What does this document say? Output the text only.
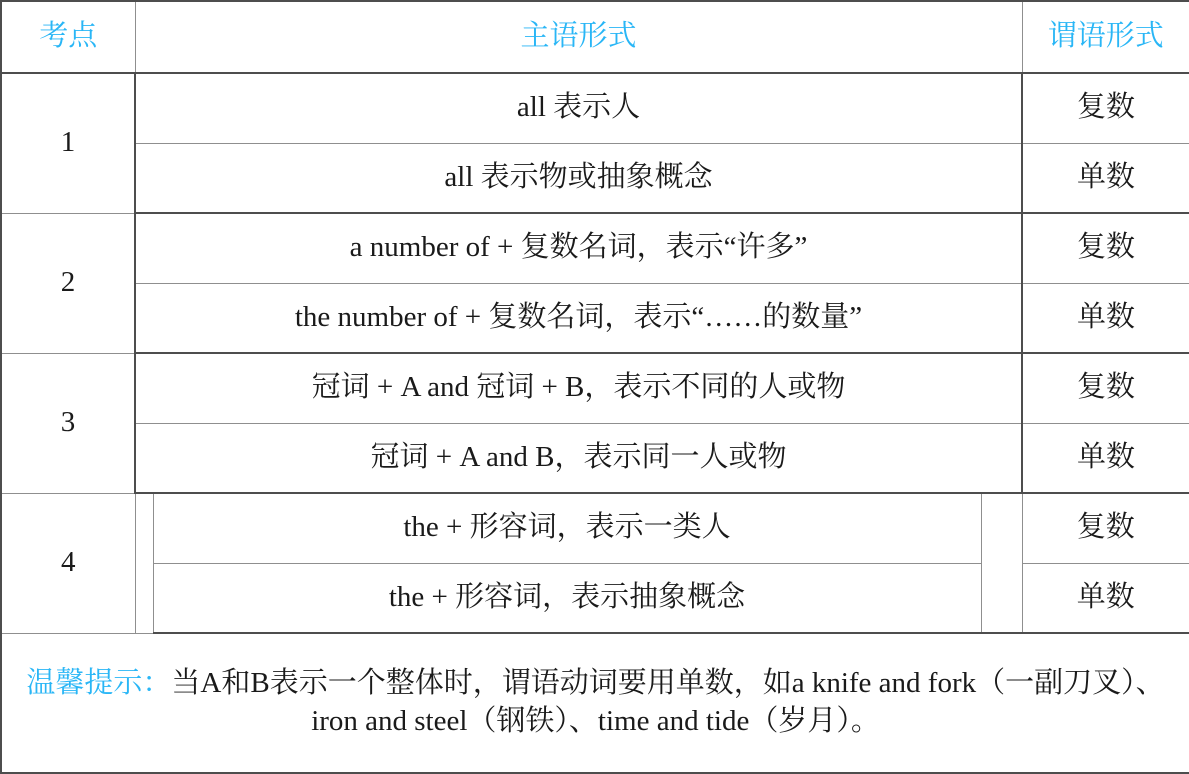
考点	主语形式			谓语形式
1	all 表示人			复数
	all 表示物或抽象概念			单数
2	a number of + 复数名词，表示“许多”			复数
	the number of + 复数名词，表示“……的数量”			单数
3	冠词 + A and 冠词 + B，表示不同的人或物			复数
	冠词 + A and B，表示同一人或物			单数
4		the + 形容词，表示一类人		复数
		the + 形容词，表示抽象概念		单数
温馨提示：当A和B表示一个整体时，谓语动词要用单数，如a knife and fork（一副刀叉）、iron and steel（钢铁）、time and tide（岁月）。				
